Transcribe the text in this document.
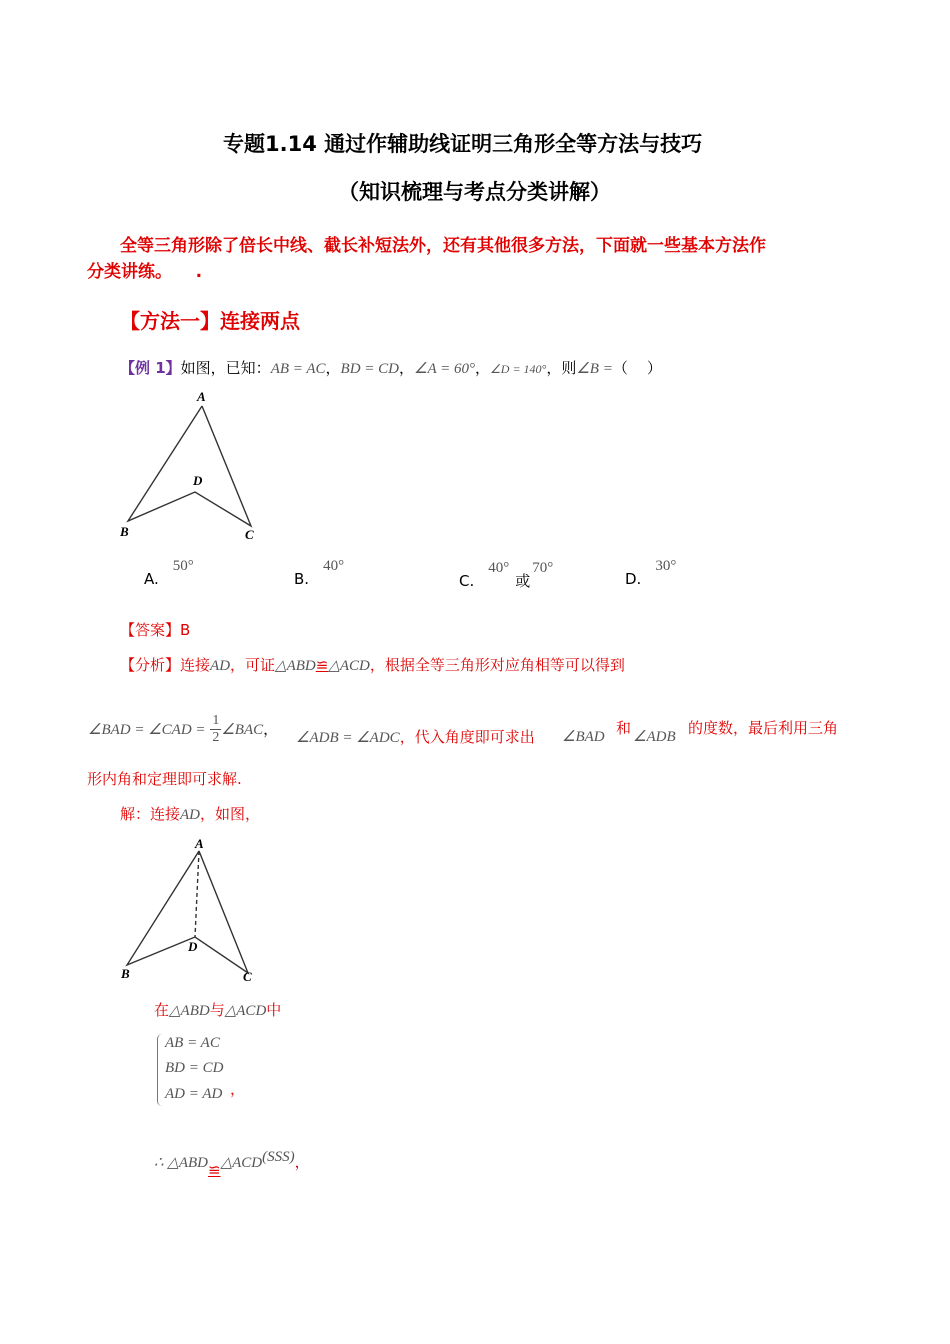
专题1.14 通过作辅助线证明三角形全等方法与技巧
（知识梳理与考点分类讲解）
全等三角形除了倍长中线、截长补短法外，还有其他很多方法，下面就一些基本方法作
分类讲练。    .
【方法一】连接两点
【例 1】如图，已知：AB = AC，BD = CD，∠A = 60°，∠D = 140°，则∠B =（    ）
A
D
B	C
A.50°
B.40°
C.40°或70°
D.30°
【答案】B
【分析】连接AD，可证△ABD≌△ACD，根据全等三角形对应角相等可以得到
∠BAD = ∠CAD = $\frac{1}{2}$ ∠BAC， ∠ADB = ∠ADC，代入角度即可求出 ∠BAD 和 ∠ADB 的度数，最后利用三角
形内角和定理即可求解.
解：连接AD，如图，
A
D
B	C
在△ABD与△ACD中
AB = AC
BD = CD
AD = AD ，
∴ △ABD≌△ACD(SSS)，
